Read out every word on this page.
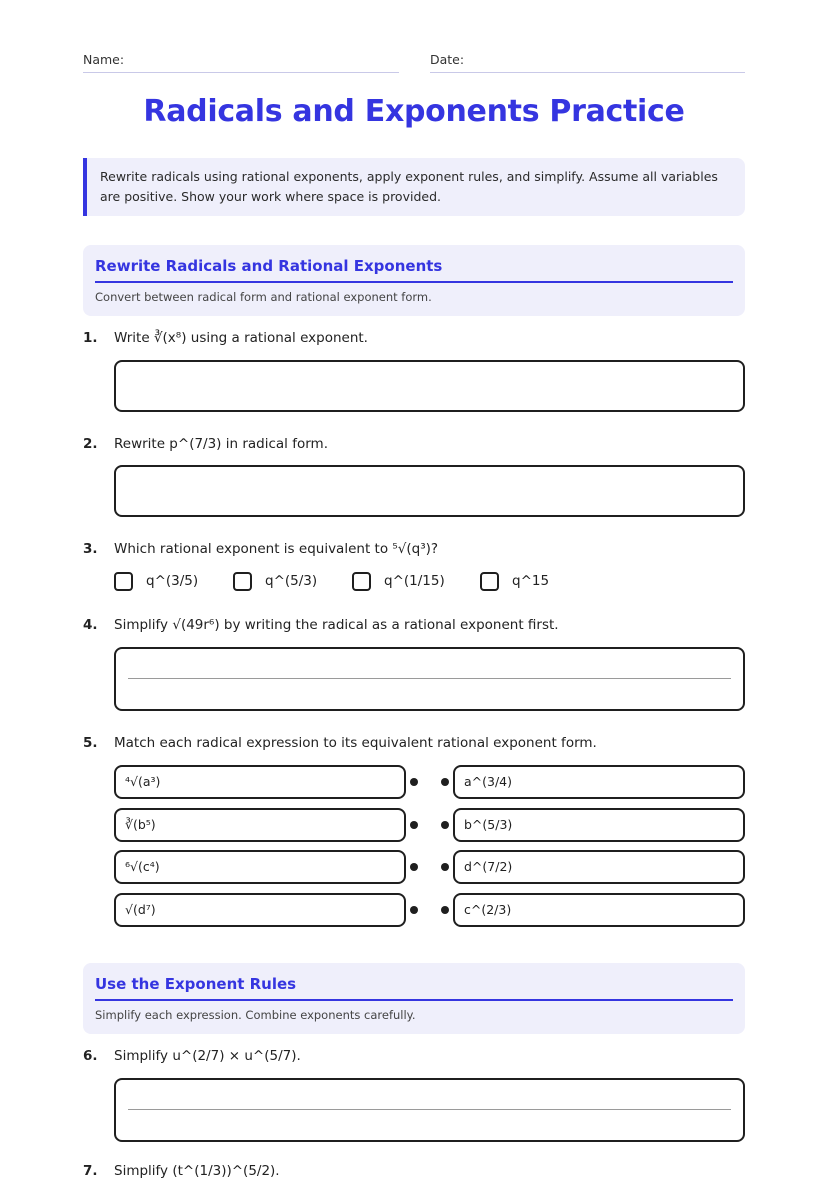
Name:	Date:
Radicals and Exponents Practice
Rewrite radicals using rational exponents, apply exponent rules, and simplify. Assume all variables are positive. Show your work where space is provided.
Rewrite Radicals and Rational Exponents
Convert between radical form and rational exponent form.
1. Write ∛(x⁸) using a rational exponent.
2. Rewrite p^(7/3) in radical form.
3. Which rational exponent is equivalent to ⁵√(q³)?
q^(3/5)	q^(5/3)	q^(1/15)	q^15
4. Simplify √(49r⁶) by writing the radical as a rational exponent first.
5. Match each radical expression to its equivalent rational exponent form.
⁴√(a³)	a^(3/4)
∛(b⁵)	b^(5/3)
⁶√(c⁴)	d^(7/2)
√(d⁷)	c^(2/3)
Use the Exponent Rules
Simplify each expression. Combine exponents carefully.
6. Simplify u^(2/7) × u^(5/7).
7. Simplify (t^(1/3))^(5/2).
